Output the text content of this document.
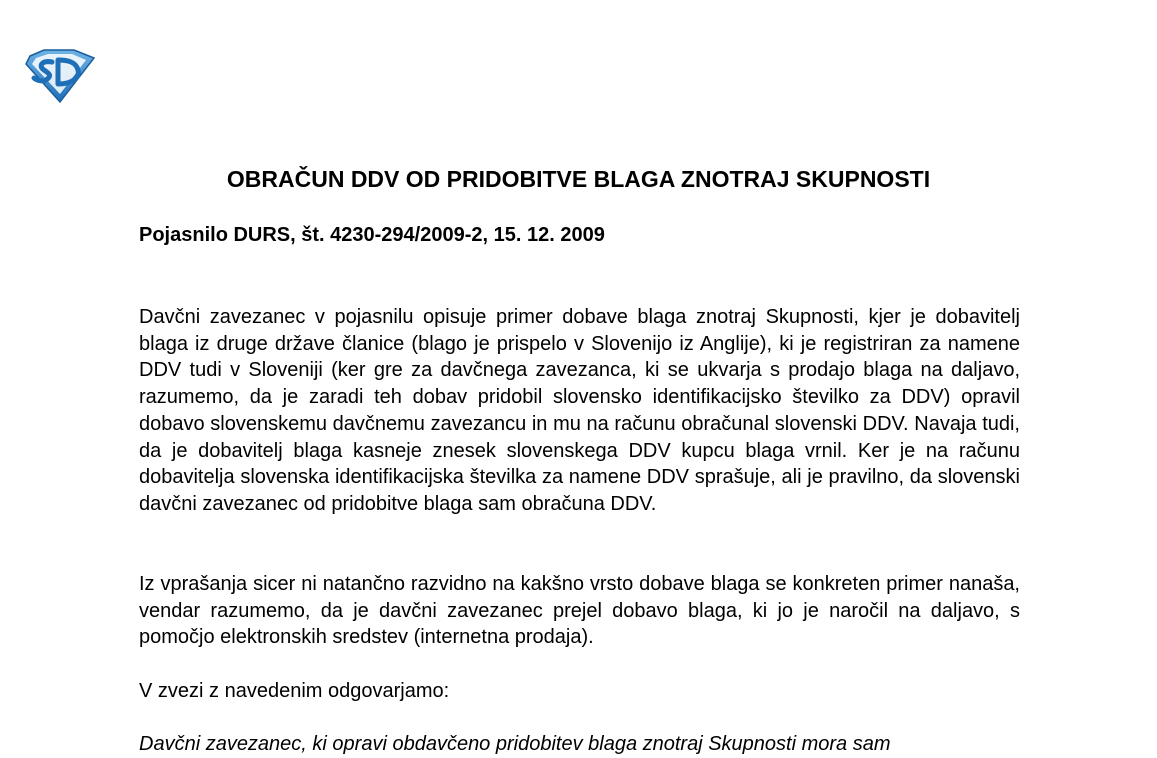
OBRAČUN DDV OD PRIDOBITVE BLAGA ZNOTRAJ SKUPNOSTI
Pojasnilo DURS, št. 4230-294/2009-2, 15. 12. 2009

Davčni zavezanec v pojasnilu opisuje primer dobave blaga znotraj Skupnosti, kjer je dobavitelj blaga iz druge države članice (blago je prispelo v Slovenijo iz Anglije), ki je registriran za namene DDV tudi v Sloveniji (ker gre za davčnega zavezanca, ki se ukvarja s prodajo blaga na daljavo, razumemo, da je zaradi teh dobav pridobil slovensko identifikacijsko številko za DDV) opravil dobavo slovenskemu davčnemu zavezancu in mu na računu obračunal slovenski DDV. Navaja tudi, da je dobavitelj blaga kasneje znesek slovenskega DDV kupcu blaga vrnil. Ker je na računu dobavitelja slovenska identifikacijska številka za namene DDV sprašuje, ali je pravilno, da slovenski davčni zavezanec od pridobitve blaga sam obračuna DDV.

Iz vprašanja sicer ni natančno razvidno na kakšno vrsto dobave blaga se konkreten primer nanaša, vendar razumemo, da je davčni zavezanec prejel dobavo blaga, ki jo je naročil na daljavo, s pomočjo elektronskih sredstev (internetna prodaja).

V zvezi z navedenim odgovarjamo:

Davčni zavezanec, ki opravi obdavčeno pridobitev blaga znotraj Skupnosti mora sam
